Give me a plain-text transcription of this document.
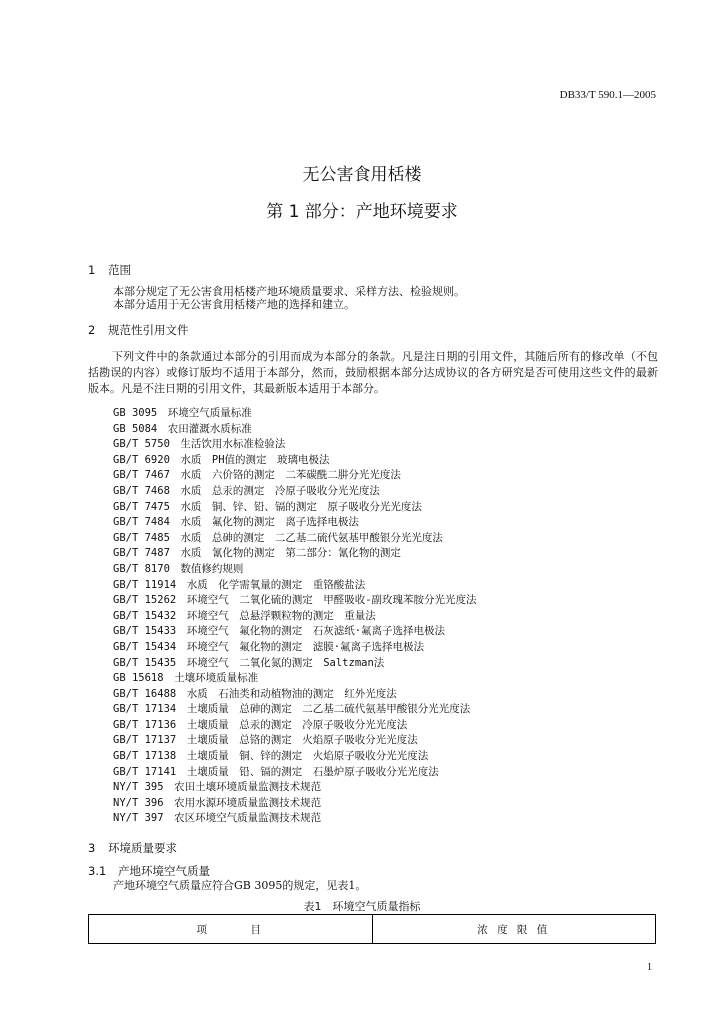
DB33/T 590.1—2005
无公害食用栝楼
第 1 部分：产地环境要求
1 范围
本部分规定了无公害食用栝楼产地环境质量要求、采样方法、检验规则。
本部分适用于无公害食用栝楼产地的选择和建立。
2 规范性引用文件
下列文件中的条款通过本部分的引用而成为本部分的条款。凡是注日期的引用文件，其随后所有的修改单（不包括勘误的内容）或修订版均不适用于本部分，然而，鼓励根据本部分达成协议的各方研究是否可使用这些文件的最新版本。凡是不注日期的引用文件，其最新版本适用于本部分。
GB 3095　环境空气质量标准
GB 5084　农田灌溉水质标准
GB/T 5750　生活饮用水标准检验法
GB/T 6920　水质　PH值的测定　玻璃电极法
GB/T 7467　水质　六价铬的测定　二苯碳酰二肼分光光度法
GB/T 7468　水质　总汞的测定　冷原子吸收分光光度法
GB/T 7475　水质　铜、锌、铅、镉的测定　原子吸收分光光度法
GB/T 7484　水质　氟化物的测定　离子选择电极法
GB/T 7485　水质　总砷的测定　二乙基二硫代氨基甲酸银分光光度法
GB/T 7487　水质　氰化物的测定　第二部分：氰化物的测定
GB/T 8170　数值修约规则
GB/T 11914　水质　化学需氧量的测定　重铬酸盐法
GB/T 15262　环境空气　二氧化硫的测定　甲醛吸收-副玫瑰苯胺分光光度法
GB/T 15432　环境空气　总悬浮颗粒物的测定　重量法
GB/T 15433　环境空气　氟化物的测定　石灰滤纸·氟离子选择电极法
GB/T 15434　环境空气　氟化物的测定　滤膜·氟离子选择电极法
GB/T 15435　环境空气　二氧化氮的测定　Saltzman法
GB 15618　土壤环境质量标准
GB/T 16488　水质　石油类和动植物油的测定　红外光度法
GB/T 17134　土壤质量　总砷的测定　二乙基二硫代氨基甲酸银分光光度法
GB/T 17136　土壤质量　总汞的测定　冷原子吸收分光光度法
GB/T 17137　土壤质量　总铬的测定　火焰原子吸收分光光度法
GB/T 17138　土壤质量　铜、锌的测定　火焰原子吸收分光光度法
GB/T 17141　土壤质量　铅、镉的测定　石墨炉原子吸收分光光度法
NY/T 395　农田土壤环境质量监测技术规范
NY/T 396　农用水源环境质量监测技术规范
NY/T 397　农区环境空气质量监测技术规范
3 环境质量要求
3.1 产地环境空气质量
产地环境空气质量应符合GB 3095的规定，见表1。
表1　环境空气质量指标
项　　　目	浓 度 限 值
1
